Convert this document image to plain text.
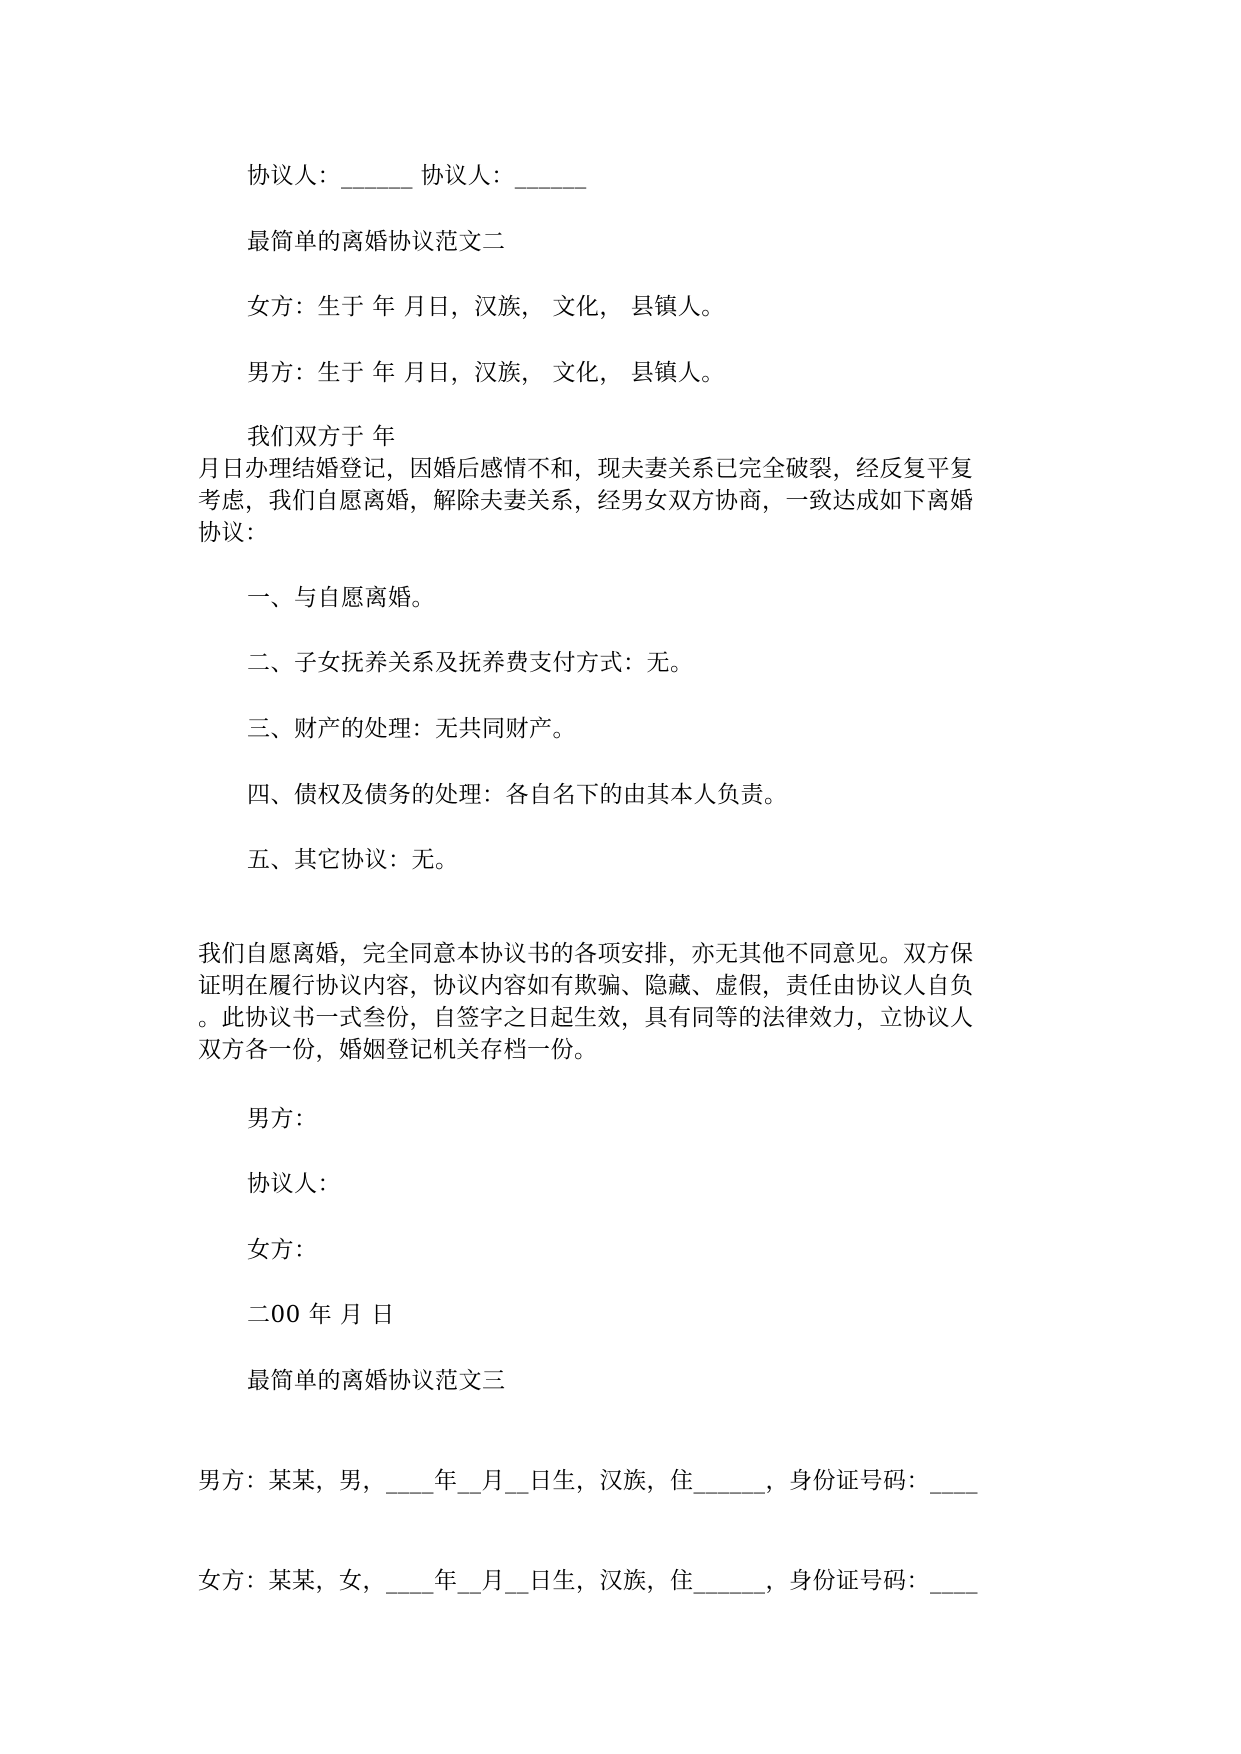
协议人：______ 协议人：______
最简单的离婚协议范文二
女方：生于 年 月日，汉族， 文化， 县镇人。
男方：生于 年 月日，汉族， 文化， 县镇人。
我们双方于 年
月日办理结婚登记，因婚后感情不和，现夫妻关系已完全破裂，经反复平复
考虑，我们自愿离婚，解除夫妻关系，经男女双方协商，一致达成如下离婚
协议：
一、与自愿离婚。
二、子女抚养关系及抚养费支付方式：无。
三、财产的处理：无共同财产。
四、债权及债务的处理：各自名下的由其本人负责。
五、其它协议：无。
我们自愿离婚，完全同意本协议书的各项安排，亦无其他不同意见。双方保
证明在履行协议内容，协议内容如有欺骗、隐藏、虚假，责任由协议人自负
。此协议书一式叁份，自签字之日起生效，具有同等的法律效力，立协议人
双方各一份，婚姻登记机关存档一份。
男方：
协议人：
女方：
二00 年 月 日
最简单的离婚协议范文三
男方：某某，男，____年__月__日生，汉族，住______，身份证号码：____
女方：某某，女，____年__月__日生，汉族，住______，身份证号码：____
